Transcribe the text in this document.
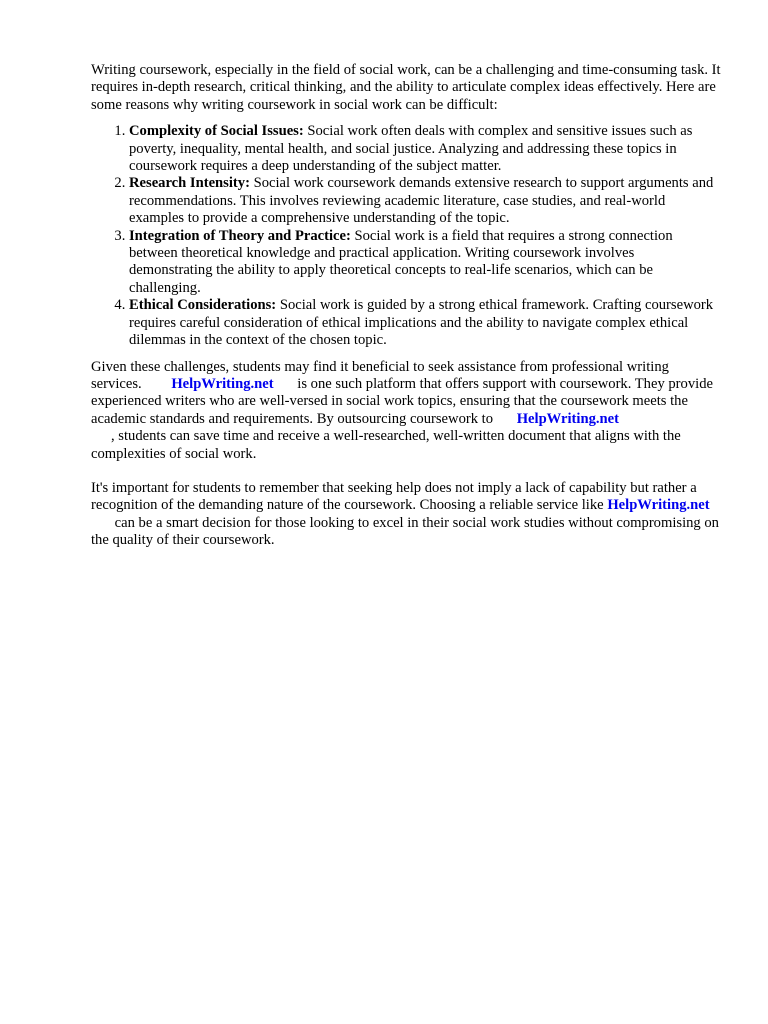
Writing coursework, especially in the field of social work, can be a challenging and time-consuming task. It requires in-depth research, critical thinking, and the ability to articulate complex ideas effectively. Here are some reasons why writing coursework in social work can be difficult:

1. Complexity of Social Issues: Social work often deals with complex and sensitive issues such as poverty, inequality, mental health, and social justice. Analyzing and addressing these topics in coursework requires a deep understanding of the subject matter.
2. Research Intensity: Social work coursework demands extensive research to support arguments and recommendations. This involves reviewing academic literature, case studies, and real-world examples to provide a comprehensive understanding of the topic.
3. Integration of Theory and Practice: Social work is a field that requires a strong connection between theoretical knowledge and practical application. Writing coursework involves demonstrating the ability to apply theoretical concepts to real-life scenarios, which can be challenging.
4. Ethical Considerations: Social work is guided by a strong ethical framework. Crafting coursework requires careful consideration of ethical implications and the ability to navigate complex ethical dilemmas in the context of the chosen topic.

Given these challenges, students may find it beneficial to seek assistance from professional writing services. HelpWriting.net is one such platform that offers support with coursework. They provide experienced writers who are well-versed in social work topics, ensuring that the coursework meets the academic standards and requirements. By outsourcing coursework to HelpWriting.net
, students can save time and receive a well-researched, well-written document that aligns with the complexities of social work.

It's important for students to remember that seeking help does not imply a lack of capability but rather a recognition of the demanding nature of the coursework. Choosing a reliable service like HelpWriting.net can be a smart decision for those looking to excel in their social work studies without compromising on the quality of their coursework.
